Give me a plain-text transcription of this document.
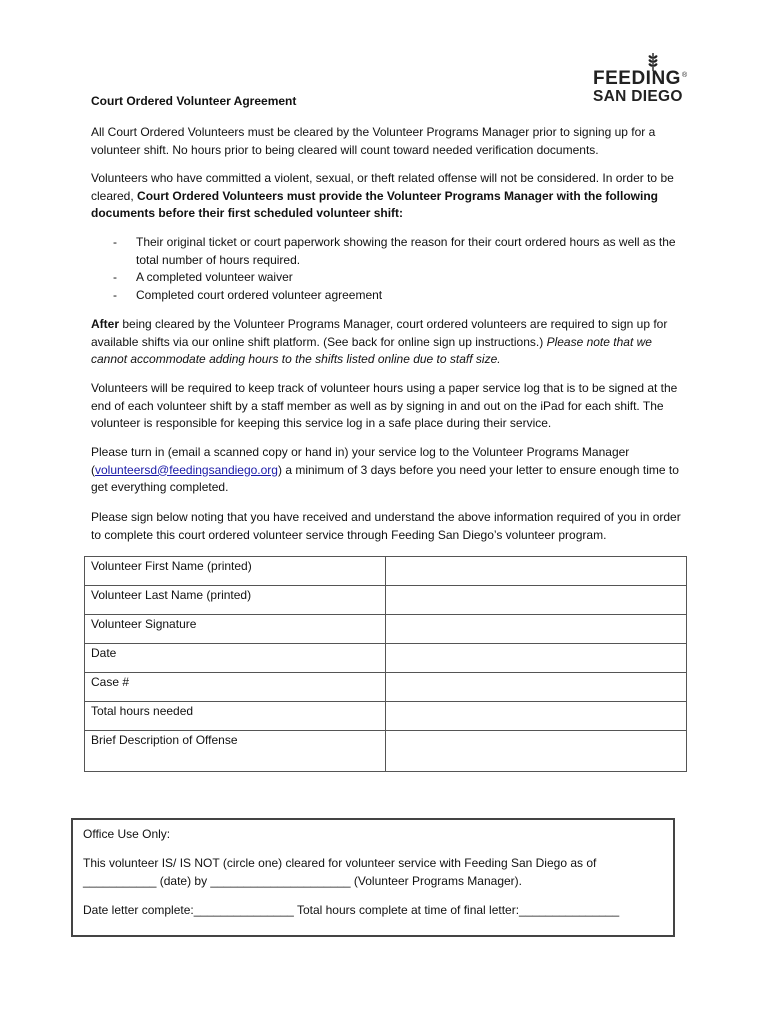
FEEDING ®
SAN DIEGO
Court Ordered Volunteer Agreement
All Court Ordered Volunteers must be cleared by the Volunteer Programs Manager prior to signing up for a volunteer shift. No hours prior to being cleared will count toward needed verification documents.
Volunteers who have committed a violent, sexual, or theft related offense will not be considered. In order to be cleared, Court Ordered Volunteers must provide the Volunteer Programs Manager with the following documents before their first scheduled volunteer shift:
- Their original ticket or court paperwork showing the reason for their court ordered hours as well as the total number of hours required.
- A completed volunteer waiver
- Completed court ordered volunteer agreement
After being cleared by the Volunteer Programs Manager, court ordered volunteers are required to sign up for available shifts via our online shift platform. (See back for online sign up instructions.) Please note that we cannot accommodate adding hours to the shifts listed online due to staff size.
Volunteers will be required to keep track of volunteer hours using a paper service log that is to be signed at the end of each volunteer shift by a staff member as well as by signing in and out on the iPad for each shift. The volunteer is responsible for keeping this service log in a safe place during their service.
Please turn in (email a scanned copy or hand in) your service log to the Volunteer Programs Manager (volunteersd@feedingsandiego.org) a minimum of 3 days before you need your letter to ensure enough time to get everything completed.
Please sign below noting that you have received and understand the above information required of you in order to complete this court ordered volunteer service through Feeding San Diego’s volunteer program.
Volunteer First Name (printed)	
Volunteer Last Name (printed)	
Volunteer Signature	
Date	
Case #	
Total hours needed	
Brief Description of Offense	
Office Use Only:
This volunteer IS/ IS NOT (circle one) cleared for volunteer service with Feeding San Diego as of
___________ (date) by _____________________ (Volunteer Programs Manager).
Date letter complete:_______________ Total hours complete at time of final letter:_______________
